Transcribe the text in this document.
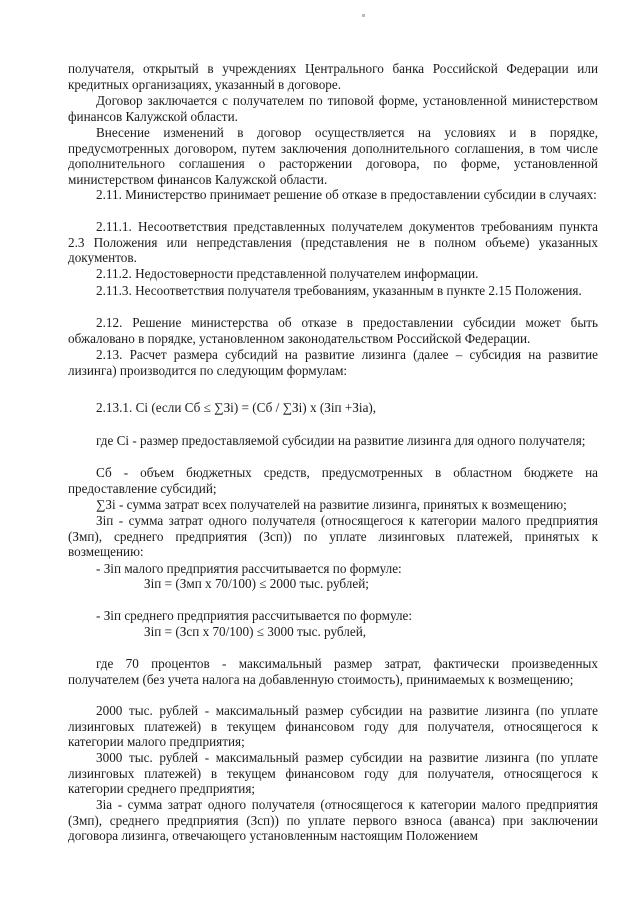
получателя, открытый в учреждениях Центрального банка Российской Федерации или кредитных организациях, указанный в договоре.

Договор заключается с получателем по типовой форме, установленной министерством финансов Калужской области.

Внесение изменений в договор осуществляется на условиях и в порядке, предусмотренных договором, путем заключения дополнительного соглашения, в том числе дополнительного соглашения о расторжении договора, по форме, установленной министерством финансов Калужской области.

2.11. Министерство принимает решение об отказе в предоставлении субсидии в случаях:

2.11.1. Несоответствия представленных получателем документов требованиям пункта 2.3 Положения или непредставления (представления не в полном объеме) указанных документов.

2.11.2. Недостоверности представленной получателем информации.

2.11.3. Несоответствия получателя требованиям, указанным в пункте 2.15 Положения.

2.12. Решение министерства об отказе в предоставлении субсидии может быть обжаловано в порядке, установленном законодательством Российской Федерации.

2.13. Расчет размера субсидий на развитие лизинга (далее – субсидия на развитие лизинга) производится по следующим формулам:

2.13.1. Ci (если Сб ≤ ∑Зi) = (Сб / ∑Зi) х (Зiп +Зia),

где Ci - размер предоставляемой субсидии на развитие лизинга для одного получателя;

Сб - объем бюджетных средств, предусмотренных в областном бюджете на предоставление субсидий;

∑Зi - сумма затрат всех получателей на развитие лизинга, принятых к возмещению;

Зiп - сумма затрат одного получателя (относящегося к категории малого предприятия (Змп), среднего предприятия (Зсп)) по уплате лизинговых платежей, принятых к возмещению:

- Зiп малого предприятия рассчитывается по формуле:

Зiп = (Змп х 70/100) ≤ 2000 тыс. рублей;

- Зiп среднего предприятия рассчитывается по формуле:

Зiп = (Зсп х 70/100) ≤ 3000 тыс. рублей,

где 70 процентов - максимальный размер затрат, фактически произведенных получателем (без учета налога на добавленную стоимость), принимаемых к возмещению;

2000 тыс. рублей - максимальный размер субсидии на развитие лизинга (по уплате лизинговых платежей) в текущем финансовом году для получателя, относящегося к категории малого предприятия;

3000 тыс. рублей - максимальный размер субсидии на развитие лизинга (по уплате лизинговых платежей) в текущем финансовом году для получателя, относящегося к категории среднего предприятия;

Зia - сумма затрат одного получателя (относящегося к категории малого предприятия (Змп), среднего предприятия (Зсп)) по уплате первого взноса (аванса) при заключении договора лизинга, отвечающего установленным настоящим Положением
